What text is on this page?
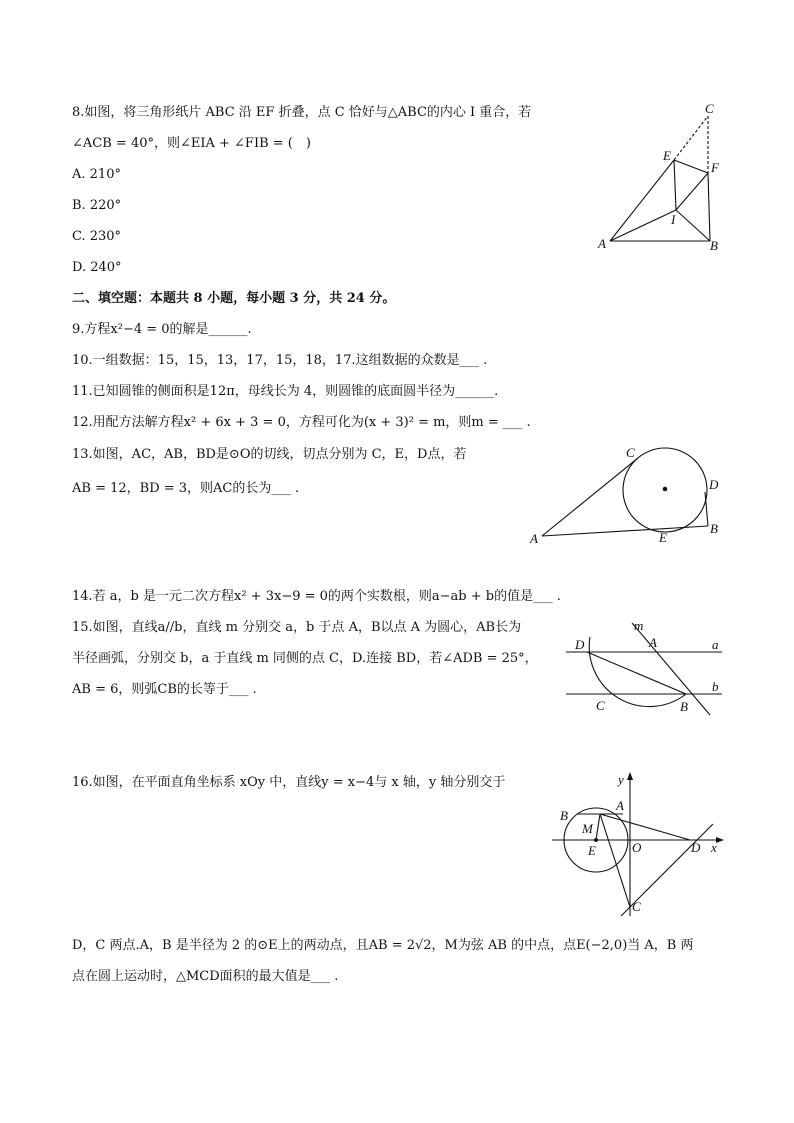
8.如图，将三角形纸片 ABC 沿 EF 折叠，点 C 恰好与△ABC的内心 I 重合，若
∠ACB = 40°，则∠EIA + ∠FIB = (　)
A. 210°
B. 220°
C. 230°
D. 240°
C
E
F
I
A	B
二、填空题：本题共 8 小题，每小题 3 分，共 24 分。
9.方程x²−4 = 0的解是______.
10.一组数据：15，15，13，17，15，18，17.这组数据的众数是___ .
11.已知圆锥的侧面积是12π，母线长为 4，则圆锥的底面圆半径为______.
12.用配方法解方程x² + 6x + 3 = 0，方程可化为(x + 3)² = m，则m = ___ .
13.如图，AC，AB，BD是⊙O的切线，切点分别为 C，E，D点，若
AB = 12，BD = 3，则AC的长为___ .
C
D
A	E
B
14.若 a，b 是一元二次方程x² + 3x−9 = 0的两个实数根，则a−ab + b的值是___ .
15.如图，直线a//b，直线 m 分别交 a，b 于点 A，B以点 A 为圆心，AB长为
半径画弧，分别交 b，a 于直线 m 同侧的点 C，D.连接 BD，若∠ADB = 25°，
AB = 6，则弧CB的长等于___ .
m
D	A	a
b
C	B
16.如图，在平面直角坐标系 xOy 中，直线y = x−4与 x 轴，y 轴分别交于	y
x
A
B
M
E	O	D
C
D，C 两点.A，B 是半径为 2 的⊙E上的两动点，且AB = 2√2，M为弦 AB 的中点，点E(−2,0)当 A，B 两
点在圆上运动时，△MCD面积的最大值是___ .
